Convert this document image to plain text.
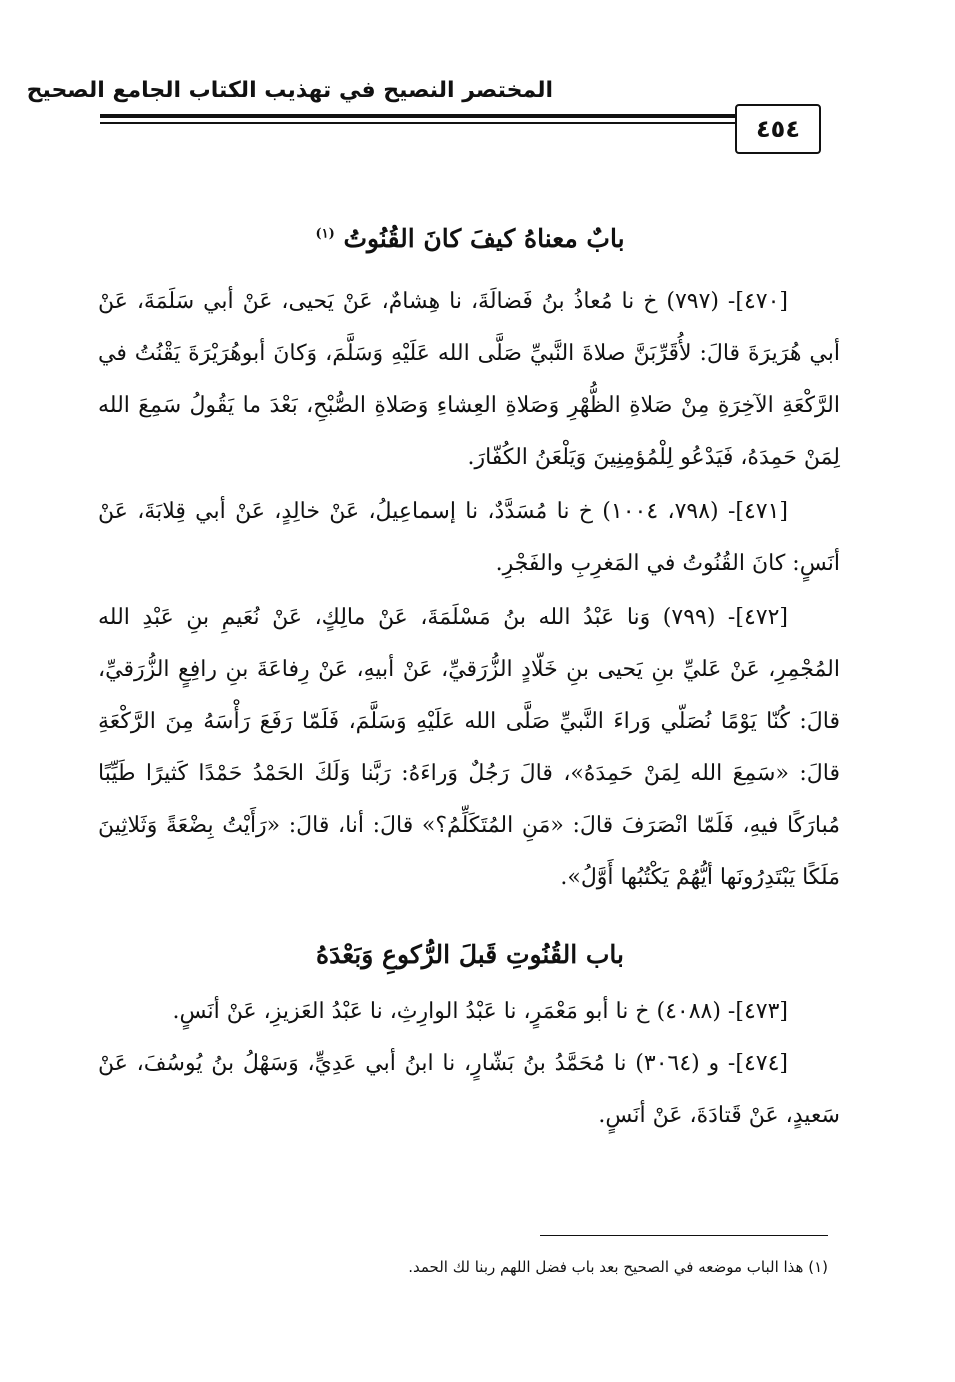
المختصر النصيح في تهذيب الكتاب الجامع الصحيح
٤٥٤
بابٌ معناهُ كيفَ كانَ القُنُوتُ $^{(١)}$

[٤٧٠]- (٧٩٧) خ نا مُعاذُ بنُ فَضالَةَ، نا هِشامٌ، عَنْ يَحيى، عَنْ أبي سَلَمَةَ، عَنْ أبي هُرَيرَةَ قالَ: لأُقَرِّبَنَّ صلاةَ النَّبيِّ صَلَّى الله عَلَيْهِ وَسَلَّمَ، وَكانَ أبوهُرَيْرَةَ يَقْنُتُ في الرَّكْعَةِ الآخِرَةِ مِنْ صَلاةِ الظُّهْرِ وَصَلاةِ العِشاءِ وَصَلاةِ الصُّبْحِ، بَعْدَ ما يَقُولُ سَمِعَ الله لِمَنْ حَمِدَهُ، فَيَدْعُو لِلْمُؤمِنِينَ وَيَلْعَنُ الكُفّارَ.

[٤٧١]- (٧٩٨، ١٠٠٤) خ نا مُسَدَّدٌ، نا إسماعِيلُ، عَنْ خالِدٍ، عَنْ أبي قِلابَةَ، عَنْ أنَسٍ: كانَ القُنُوتُ في المَغرِبِ والفَجْرِ.

[٤٧٢]- (٧٩٩) وَنا عَبْدُ الله بنُ مَسْلَمَةَ، عَنْ مالِكٍ، عَنْ نُعَيمِ بنِ عَبْدِ الله المُجْمِرِ، عَنْ عَليِّ بنِ يَحيى بنِ خَلّادٍ الزُّرَقيِّ، عَنْ أبيهِ، عَنْ رِفاعَةَ بنِ رافِعٍ الزُّرَقيِّ، قالَ: كُنّا يَوْمًا نُصَلّي وَراءَ النَّبيِّ صَلَّى الله عَلَيْهِ وَسَلَّمَ، فَلَمّا رَفَعَ رَأْسَهُ مِنَ الرَّكْعَةِ قالَ: «سَمِعَ الله لِمَنْ حَمِدَهُ»، قالَ رَجُلٌ وَراءَهُ: رَبَّنا وَلَكَ الحَمْدُ حَمْدًا كَثيرًا طَيِّبًا مُبارَكًا فيهِ، فَلَمّا انْصَرَفَ قالَ: «مَنِ المُتَكَلِّمُ؟» قالَ: أنا، قالَ: «رَأَيْتُ بِضْعَةً وَثَلاثِينَ مَلَكًا يَبْتَدِرُونَها أيُّهُمْ يَكْتُبُها أَوَّلُ».

باب القُنُوتِ قَبلَ الرُّكوعِ وَبَعْدَهُ

[٤٧٣]- (٤٠٨٨) خ نا أبو مَعْمَرٍ، نا عَبْدُ الوارِثِ، نا عَبْدُ العَزيزِ، عَنْ أنَسٍ.

[٤٧٤]- و (٣٠٦٤) نا مُحَمَّدُ بنُ بَشّارٍ، نا ابنُ أبي عَدِيٍّ، وَسَهْلُ بنُ يُوسُفَ، عَنْ سَعيدٍ، عَنْ قَتادَةَ، عَنْ أنَسٍ.

(١) هذا الباب موضعه في الصحيح بعد باب فضل اللهم ربنا لك الحمد.
